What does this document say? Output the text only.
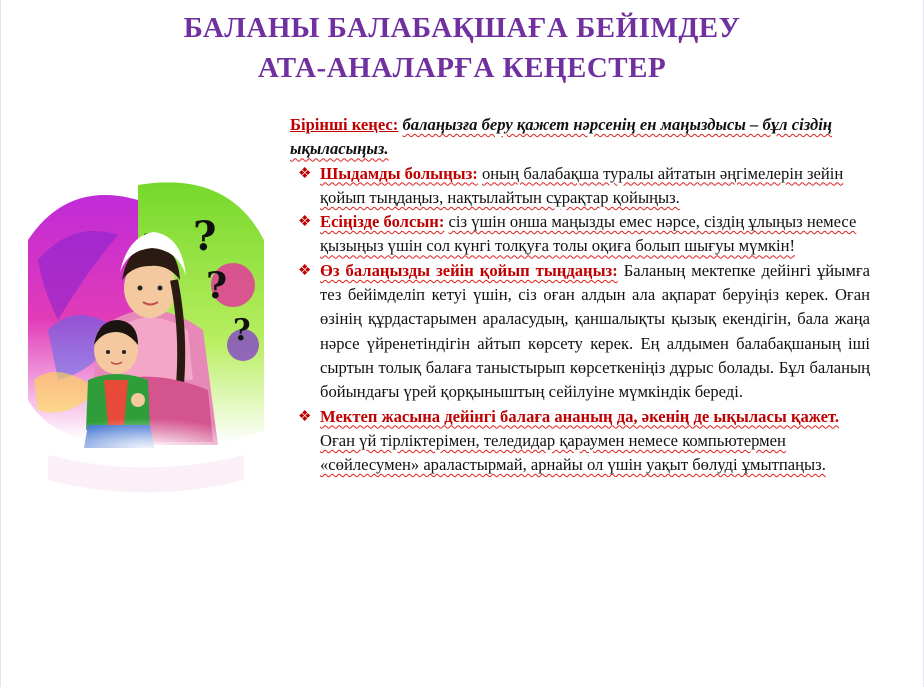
БАЛАНЫ БАЛАБАҚШАҒА БЕЙІМДЕУ
АТА-АНАЛАРҒА КЕҢЕСТЕР
?
?
?

Бірінші кеңес: балаңызға беру қажет нәрсенің ен маңыздысы – бұл сіздің ықыласыңыз.

❖ Шыдамды болыңыз: оның балабақша туралы айтатын әңгімелерін зейін қойып тыңдаңыз, нақтылайтын сұрақтар қойыңыз.

❖ Есіңізде болсын: сіз үшін онша маңызды емес нәрсе, сіздің ұлыңыз немесе қызыңыз үшін сол күнгі толқуға толы оқиға болып шығуы мүмкін!

❖ Өз балаңызды зейін қойып тыңдаңыз: Баланың мектепке дейінгі ұйымға тез бейімделіп кетуі үшін, сіз оған алдын ала ақпарат беруіңіз керек. Оған өзінің құрдастарымен араласудың, қаншалықты қызық екендігін, бала жаңа нәрсе үйренетіндігін айтып көрсету керек. Ең алдымен балабақшаның іші сыртын толық балаға таныстырып көрсеткеніңіз дұрыс болады. Бұл баланың бойындағы үрей қорқыныштың сейілуіне мүмкіндік береді.

❖ Мектеп жасына дейінгі балаға ананың да, әкенің де ықыласы қажет. Оған үй тірліктерімен, теледидар қараумен немесе компьютермен «сөйлесумен» араластырмай, арнайы ол үшін уақыт бөлуді ұмытпаңыз.
